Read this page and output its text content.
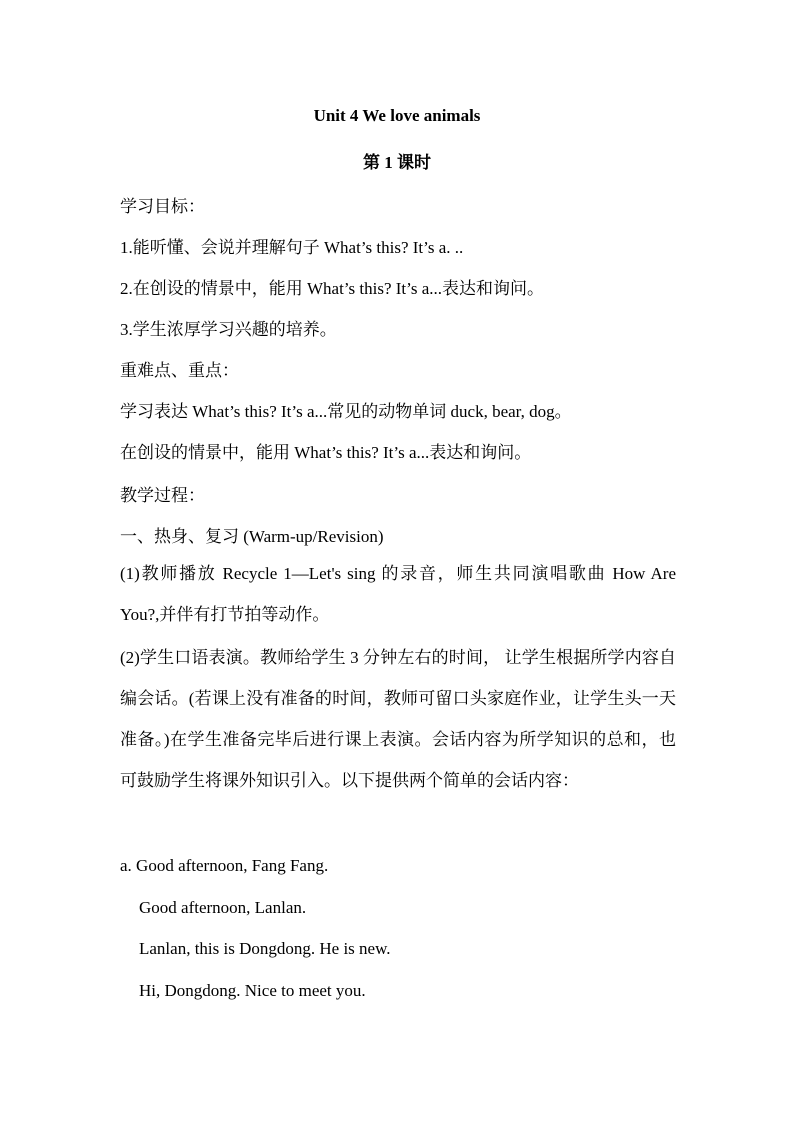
Unit 4 We love animals
第 1 课时
学习目标：
1.能听懂、会说并理解句子 What’s this? It’s a. ..
2.在创设的情景中，能用 What’s this? It’s a...表达和询问。
3.学生浓厚学习兴趣的培养。
重难点、重点：
学习表达 What’s this? It’s a...常见的动物单词 duck, bear, dog。
在创设的情景中，能用 What’s this? It’s a...表达和询问。
教学过程：
一、热身、复习 (Warm-up/Revision)
(1)教师播放 Recycle 1—Let's sing 的录音，师生共同演唱歌曲 How Are You?,并伴有打节拍等动作。
(2)学生口语表演。教师给学生 3 分钟左右的时间， 让学生根据所学内容自编会话。(若课上没有准备的时间，教师可留口头家庭作业，让学生头一天准备。)在学生准备完毕后进行课上表演。会话内容为所学知识的总和，也可鼓励学生将课外知识引入。以下提供两个简单的会话内容：
a. Good afternoon, Fang Fang.
Good afternoon, Lanlan.
Lanlan, this is Dongdong. He is new.
Hi, Dongdong. Nice to meet you.
